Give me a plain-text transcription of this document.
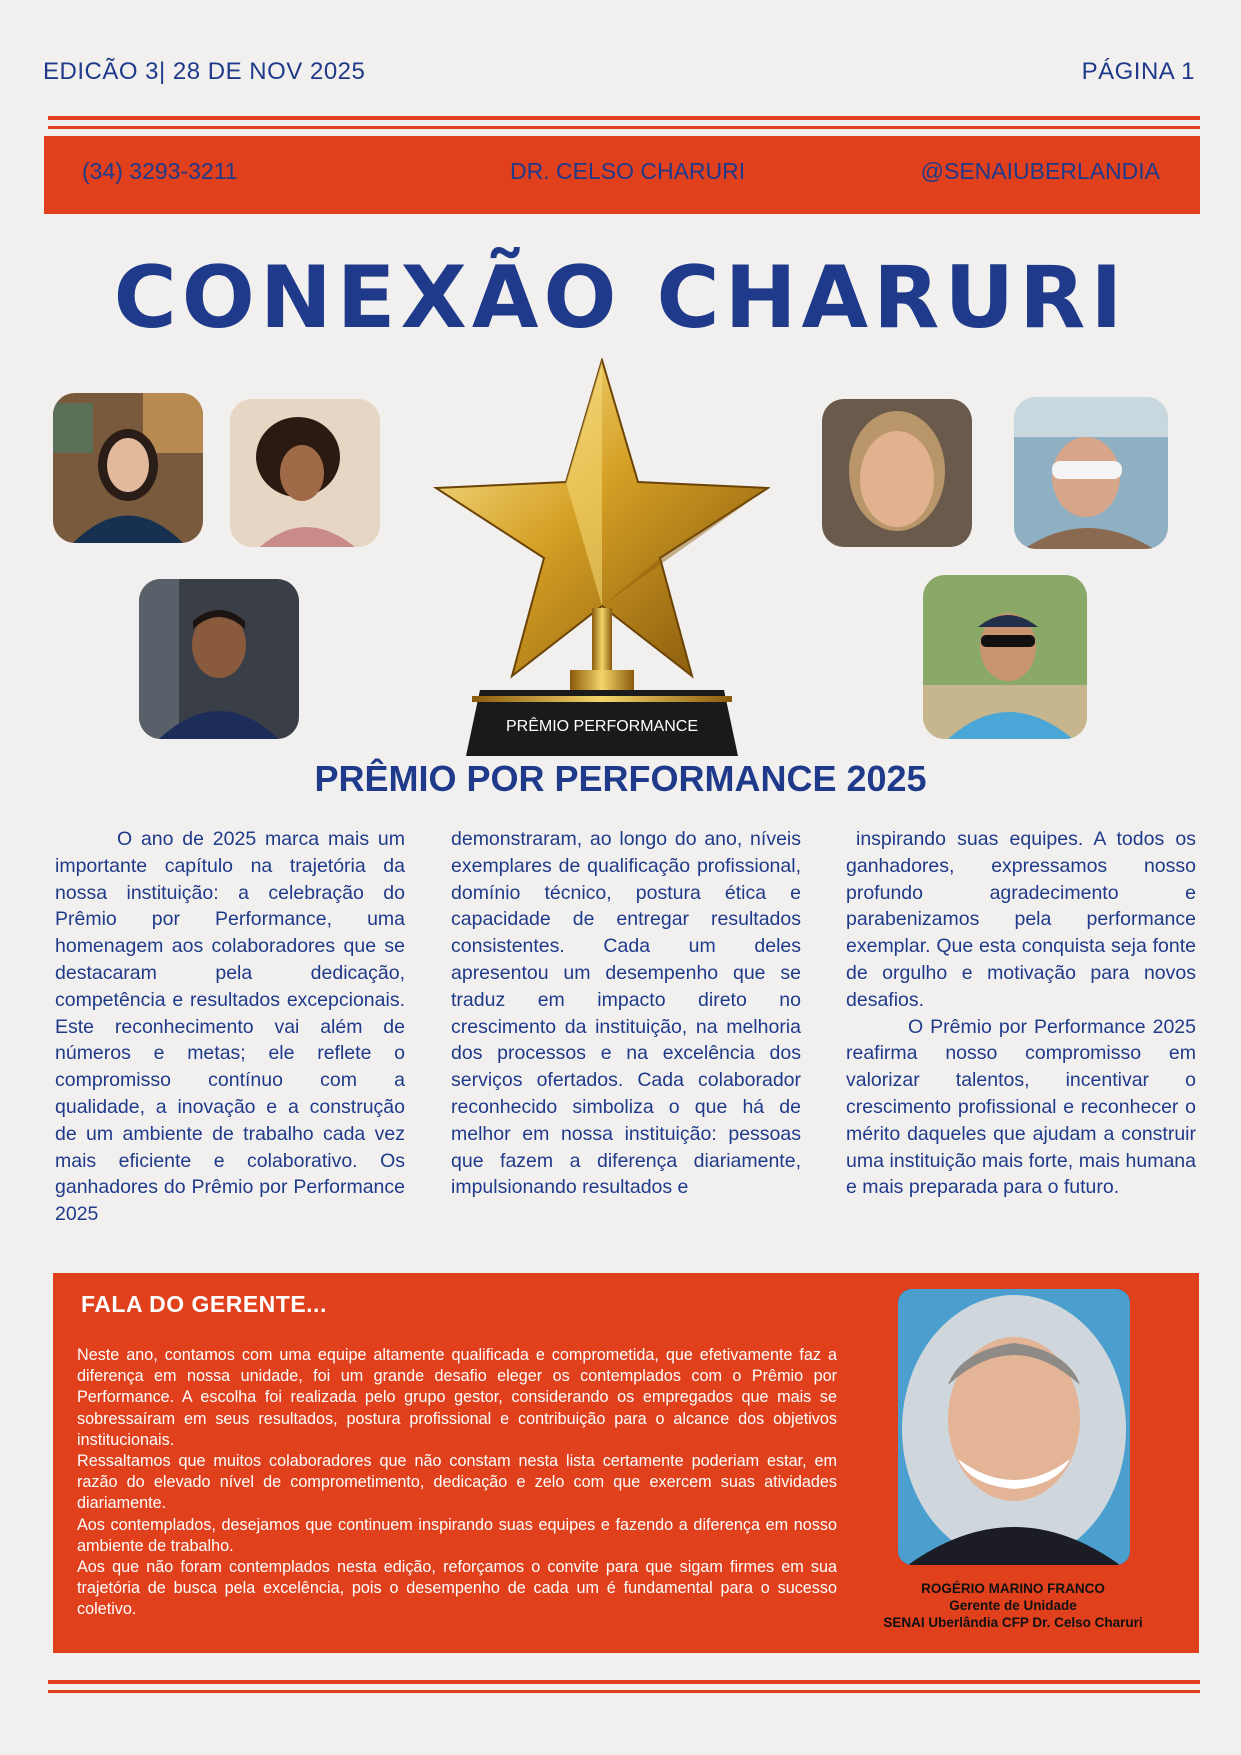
EDICÃO 3| 28 DE NOV 2025	PÁGINA 1
(34) 3293-3211	DR. CELSO CHARURI	@SENAIUBERLANDIA
CONEXÃO CHARURI
PRÊMIO PERFORMANCE
PRÊMIO POR PERFORMANCE 2025

O ano de 2025 marca mais um importante capítulo na trajetória da nossa instituição: a celebração do Prêmio por Performance, uma homenagem aos colaboradores que se destacaram pela dedicação, competência e resultados excepcionais. Este reconhecimento vai além de números e metas; ele reflete o compromisso contínuo com a qualidade, a inovação e a construção de um ambiente de trabalho cada vez mais eficiente e colaborativo. Os ganhadores do Prêmio por Performance 2025

demonstraram, ao longo do ano, níveis exemplares de qualificação profissional, domínio técnico, postura ética e capacidade de entregar resultados consistentes. Cada um deles apresentou um desempenho que se traduz em impacto direto no crescimento da instituição, na melhoria dos processos e na excelência dos serviços ofertados. Cada colaborador reconhecido simboliza o que há de melhor em nossa instituição: pessoas que fazem a diferença diariamente, impulsionando resultados e

inspirando suas equipes. A todos os ganhadores, expressamos nosso profundo agradecimento e parabenizamos pela performance exemplar. Que esta conquista seja fonte de orgulho e motivação para novos desafios.

O Prêmio por Performance 2025 reafirma nosso compromisso em valorizar talentos, incentivar o crescimento profissional e reconhecer o mérito daqueles que ajudam a construir uma instituição mais forte, mais humana e mais preparada para o futuro.

FALA DO GERENTE...

Neste ano, contamos com uma equipe altamente qualificada e comprometida, que efetivamente faz a diferença em nossa unidade, foi um grande desafio eleger os contemplados com o Prêmio por Performance. A escolha foi realizada pelo grupo gestor, considerando os empregados que mais se sobressaíram em seus resultados, postura profissional e contribuição para o alcance dos objetivos institucionais.

Ressaltamos que muitos colaboradores que não constam nesta lista certamente poderiam estar, em razão do elevado nível de comprometimento, dedicação e zelo com que exercem suas atividades diariamente.

Aos contemplados, desejamos que continuem inspirando suas equipes e fazendo a diferença em nosso ambiente de trabalho.

Aos que não foram contemplados nesta edição, reforçamos o convite para que sigam firmes em sua trajetória de busca pela excelência, pois o desempenho de cada um é fundamental para o sucesso coletivo.

ROGÉRIO MARINO FRANCO
Gerente de Unidade
SENAI Uberlândia CFP Dr. Celso Charuri
